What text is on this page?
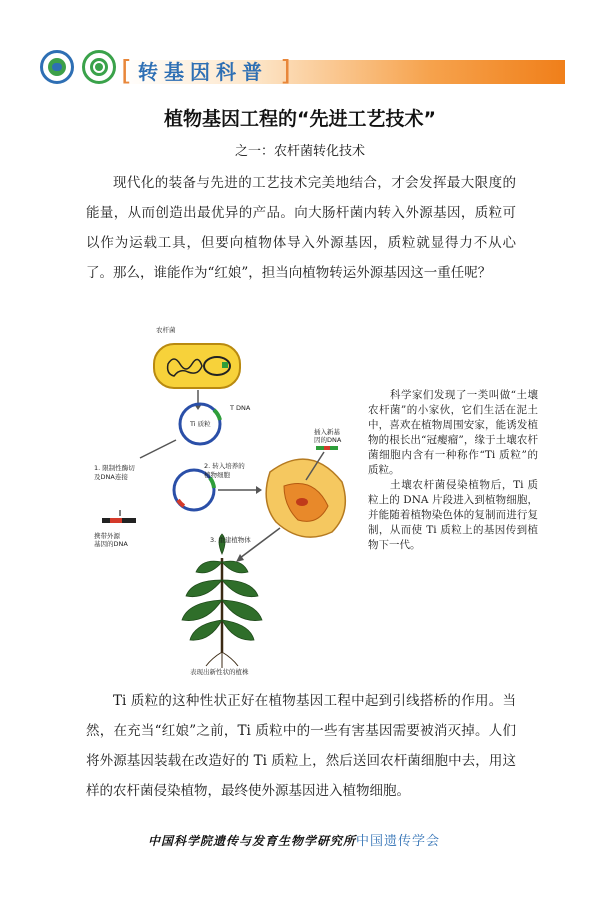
[ 转基因科普 ]
植物基因工程的“先进工艺技术”
之一：农杆菌转化技术

现代化的装备与先进的工艺技术完美地结合，才会发挥最大限度的能量，从而创造出最优异的产品。向大肠杆菌内转入外源基因，质粒可以作为运载工具，但要向植物体导入外源基因，质粒就显得力不从心了。那么，谁能作为“红娘”，担当向植物转运外源基因这一重任呢？

农杆菌
Ti 质粒
T DNA
1. 限制性酶切
及DNA连接
2. 转入培养的
植物细胞
3. 重建植物体
插入新基
因的DNA
携带外源
基因的DNA
表现出新性状的植株

科学家们发现了一类叫做“土壤农杆菌”的小家伙，它们生活在泥土中，喜欢在植物周围安家，能诱发植物的根长出“冠瘿瘤”，缘于土壤农杆菌细胞内含有一种称作“Ti 质粒”的质粒。

土壤农杆菌侵染植物后，Ti 质粒上的 DNA 片段进入到植物细胞，并能随着植物染色体的复制而进行复制，从而使 Ti 质粒上的基因传到植物下一代。

Ti 质粒的这种性状正好在植物基因工程中起到引线搭桥的作用。当然，在充当“红娘”之前，Ti 质粒中的一些有害基因需要被消灭掉。人们将外源基因装载在改造好的 Ti 质粒上，然后送回农杆菌细胞中去，用这样的农杆菌侵染植物，最终使外源基因进入植物细胞。

中国科学院遗传与发育生物学研究所 中国遗传学会
